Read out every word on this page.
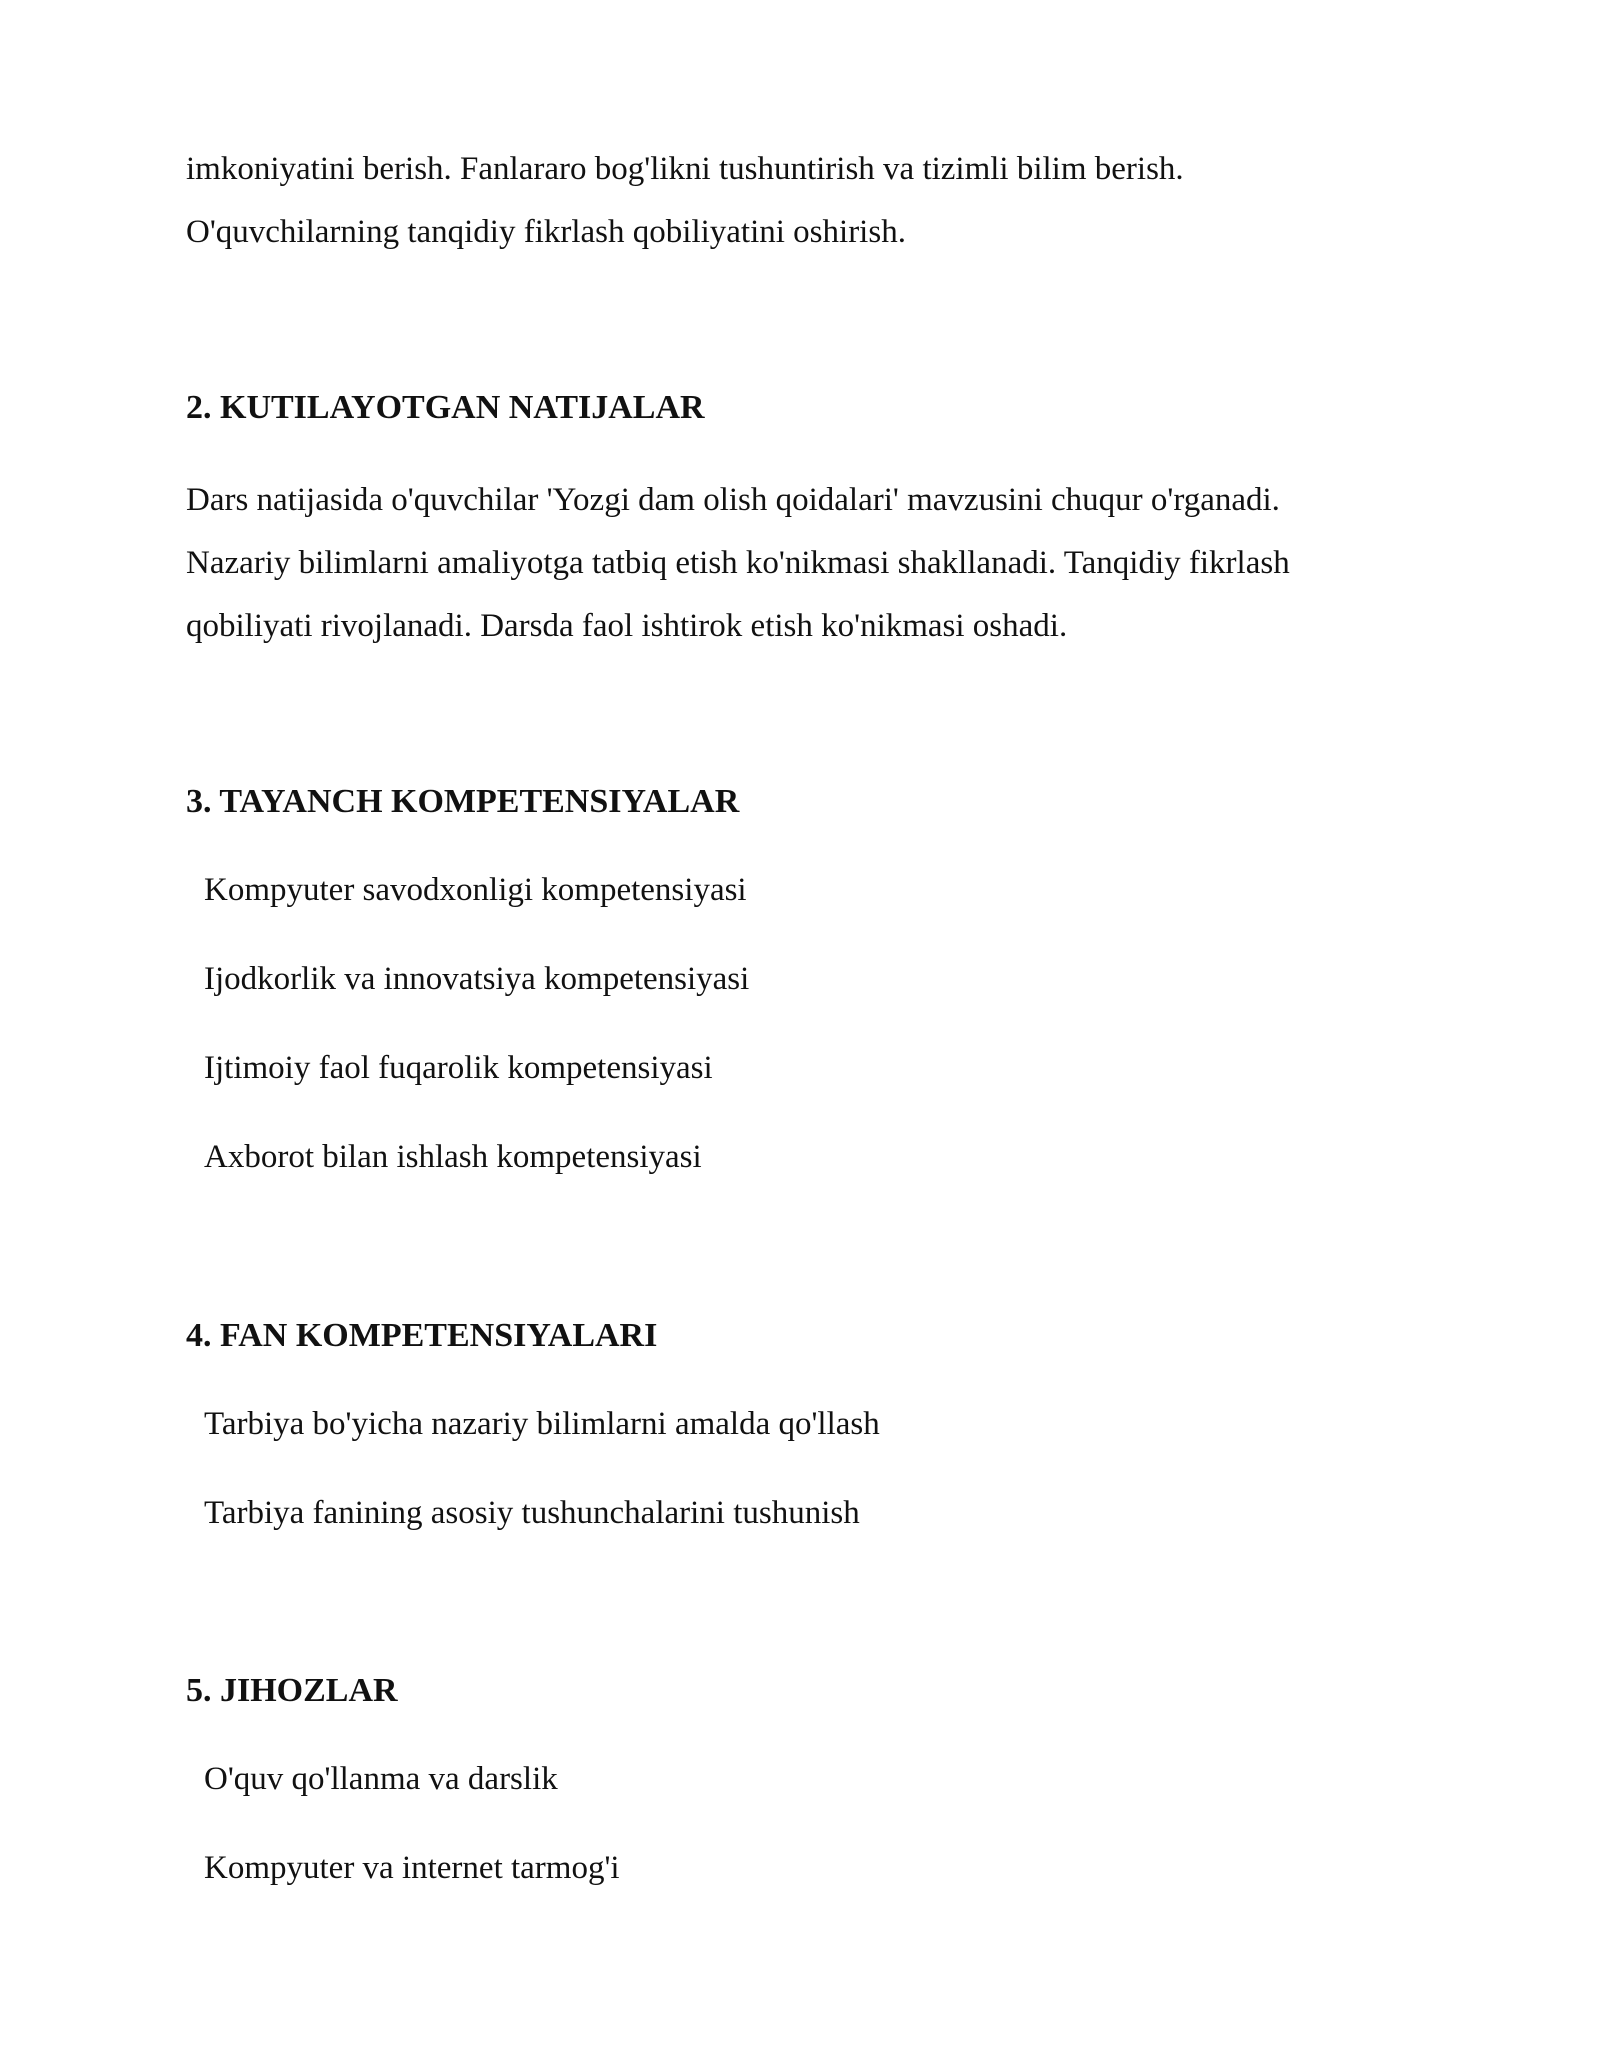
imkoniyatini berish. Fanlararo bog'likni tushuntirish va tizimli bilim berish.
O'quvchilarning tanqidiy fikrlash qobiliyatini oshirish.

2. KUTILAYOTGAN NATIJALAR

Dars natijasida o'quvchilar 'Yozgi dam olish qoidalari' mavzusini chuqur o'rganadi.
Nazariy bilimlarni amaliyotga tatbiq etish ko'nikmasi shakllanadi. Tanqidiy fikrlash
qobiliyati rivojlanadi. Darsda faol ishtirok etish ko'nikmasi oshadi.

3. TAYANCH KOMPETENSIYALAR

Kompyuter savodxonligi kompetensiyasi

Ijodkorlik va innovatsiya kompetensiyasi

Ijtimoiy faol fuqarolik kompetensiyasi

Axborot bilan ishlash kompetensiyasi

4. FAN KOMPETENSIYALARI

Tarbiya bo'yicha nazariy bilimlarni amalda qo'llash

Tarbiya fanining asosiy tushunchalarini tushunish

5. JIHOZLAR

O'quv qo'llanma va darslik

Kompyuter va internet tarmog'i
